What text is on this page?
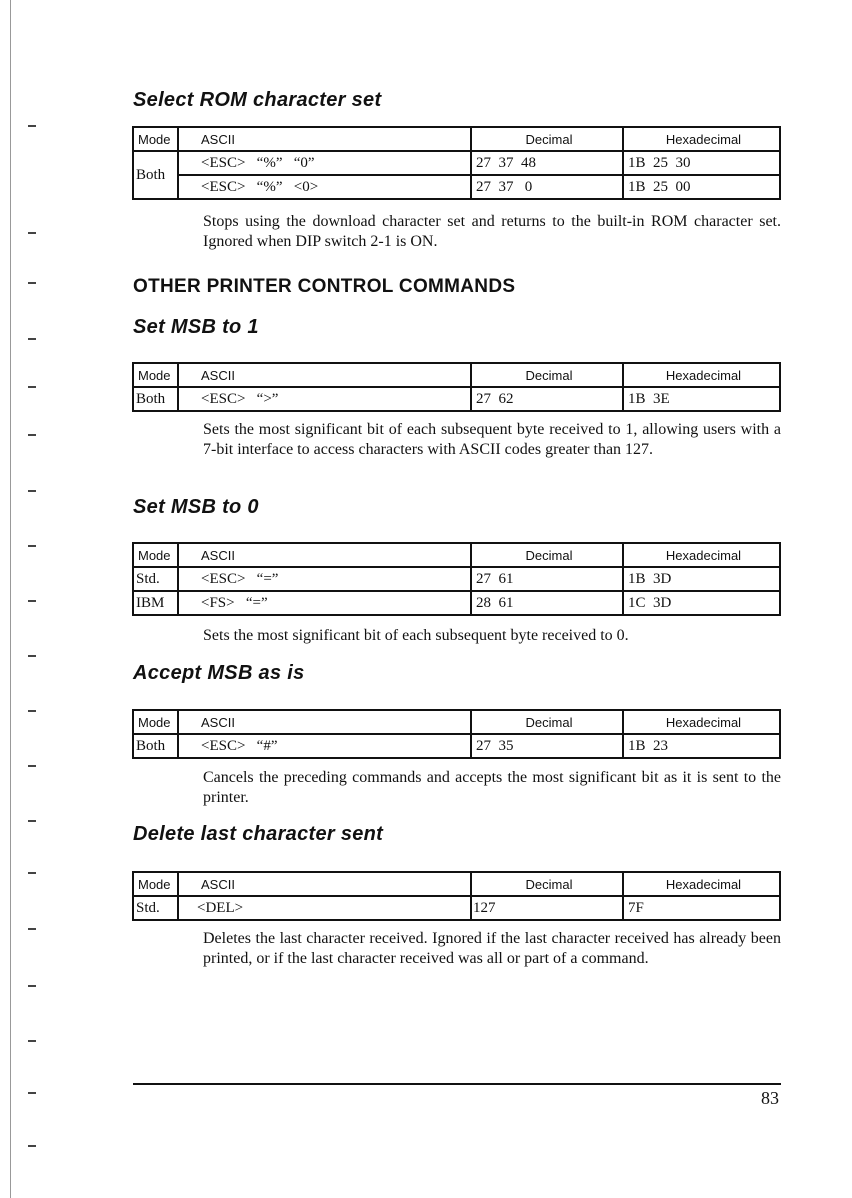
Select ROM character set
Mode	ASCII	Decimal	Hexadecimal
Both	<ESC>   “%”   “0”	27  37  48	1B  25  30
	<ESC>   “%”   <0>	27  37   0	1B  25  00

Stops using the download character set and returns to the built-in ROM character set. Ignored when DIP switch 2-1 is ON.

OTHER PRINTER CONTROL COMMANDS
Set MSB to 1
Mode	ASCII	Decimal	Hexadecimal
Both	<ESC>   “>”	27  62	1B  3E

Sets the most significant bit of each subsequent byte received to 1, allowing users with a 7-bit interface to access characters with ASCII codes greater than 127.

Set MSB to 0
Mode	ASCII	Decimal	Hexadecimal
Std.	<ESC>   “=”	27  61	1B  3D
IBM	<FS>   “=”	28  61	1C  3D

Sets the most significant bit of each subsequent byte received to 0.

Accept MSB as is
Mode	ASCII	Decimal	Hexadecimal
Both	<ESC>   “#”	27  35	1B  23

Cancels the preceding commands and accepts the most significant bit as it is sent to the printer.

Delete last character sent
Mode	ASCII	Decimal	Hexadecimal
Std.	<DEL>	127	7F

Deletes the last character received. Ignored if the last character received has already been printed, or if the last character received was all or part of a command.

83
